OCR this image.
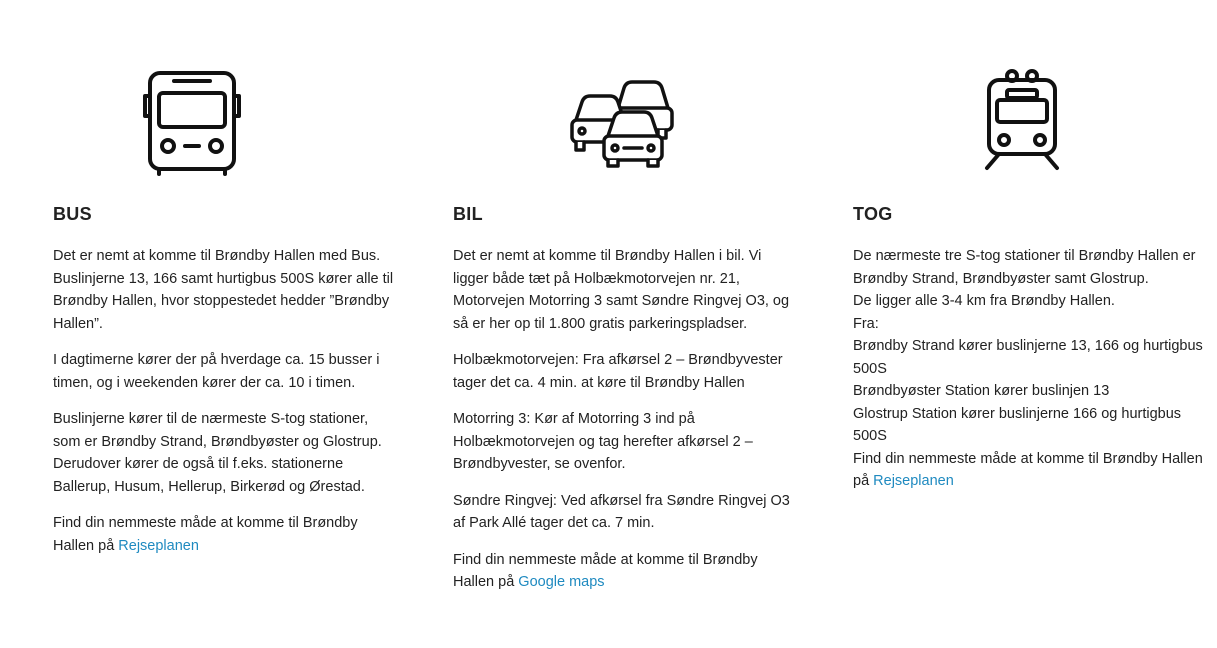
BUS

Det er nemt at komme til Brøndby Hallen med Bus. Buslinjerne 13, 166 samt hurtigbus 500S kører alle til Brøndby Hallen, hvor stoppestedet hedder ”Brøndby Hallen”.

I dagtimerne kører der på hverdage ca. 15 busser i timen, og i weekenden kører der ca. 10 i timen.

Buslinjerne kører til de nærmeste S-tog stationer, som er Brøndby Strand, Brøndbyøster og Glostrup. Derudover kører de også til f.eks. stationerne Ballerup, Husum, Hellerup, Birkerød og Ørestad.

Find din nemmeste måde at komme til Brøndby Hallen på Rejseplanen

BIL

Det er nemt at komme til Brøndby Hallen i bil. Vi ligger både tæt på Holbækmotorvejen nr. 21, Motorvejen Motorring 3 samt Søndre Ringvej O3, og så er her op til 1.800 gratis parkeringspladser.

Holbækmotorvejen: Fra afkørsel 2 – Brøndbyvester tager det ca. 4 min. at køre til Brøndby Hallen

Motorring 3: Kør af Motorring 3 ind på Holbækmotorvejen og tag herefter afkørsel 2 – Brøndbyvester, se ovenfor.

Søndre Ringvej: Ved afkørsel fra Søndre Ringvej O3 af Park Allé tager det ca. 7 min.

Find din nemmeste måde at komme til Brøndby Hallen på Google maps

TOG

De nærmeste tre S-tog stationer til Brøndby Hallen er Brøndby Strand, Brøndbyøster samt Glostrup.
De ligger alle 3-4 km fra Brøndby Hallen.
Fra:
Brøndby Strand kører buslinjerne 13, 166 og hurtigbus 500S
Brøndbyøster Station kører buslinjen 13
Glostrup Station kører buslinjerne 166 og hurtigbus 500S
Find din nemmeste måde at komme til Brøndby Hallen på Rejseplanen
